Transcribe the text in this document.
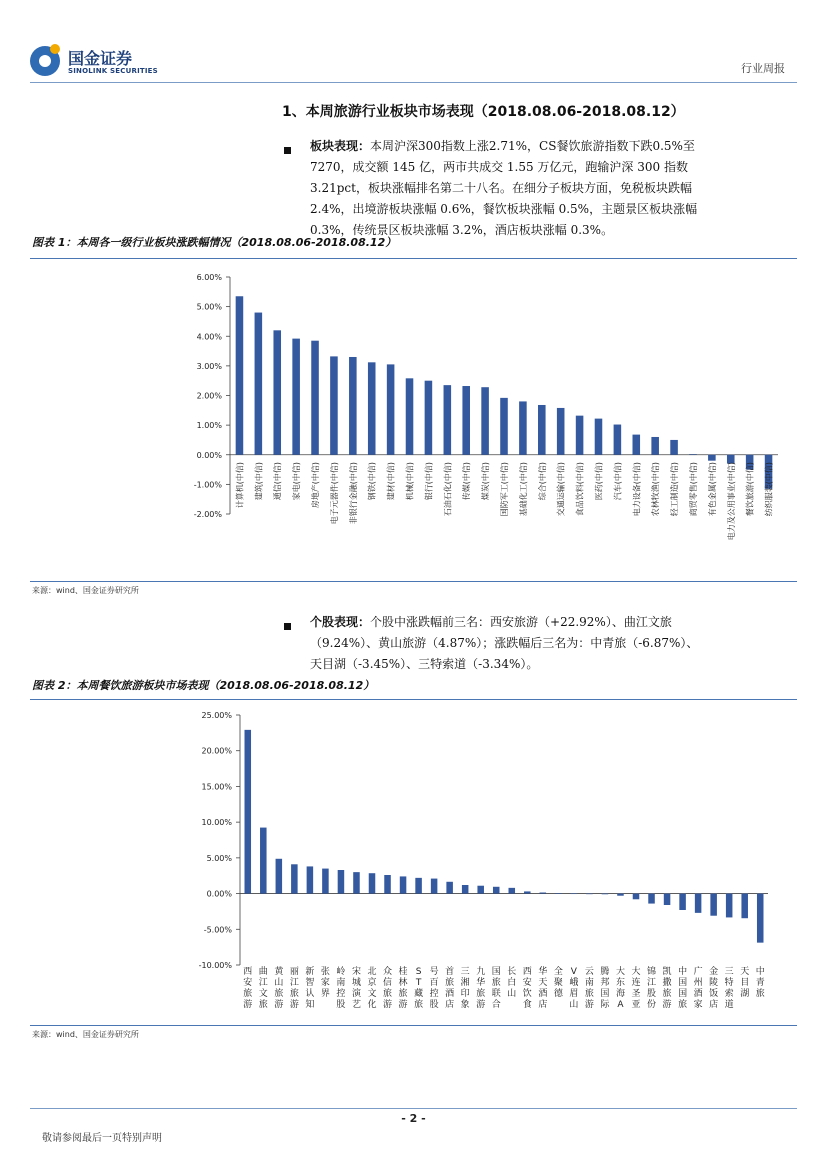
国金证券
SINOLINK SECURITIES	行业周报
1、本周旅游行业板块市场表现（2018.08.06-2018.08.12）
板块表现：本周沪深300指数上涨2.71%，CS餐饮旅游指数下跌0.5%至
7270，成交额 145 亿，两市共成交 1.55 万亿元，跑输沪深 300 指数
3.21pct，板块涨幅排名第二十八名。在细分子板块方面，免税板块跌幅
2.4%，出境游板块涨幅 0.6%，餐饮板块涨幅 0.5%，主题景区板块涨幅
0.3%，传统景区板块涨幅 3.2%，酒店板块涨幅 0.3%。
图表 1：本周各一级行业板块涨跌幅情况（2018.08.06-2018.08.12）
6.00%
5.00%
4.00%
3.00%
2.00%
1.00%
0.00%
-1.00%
-2.00%
计算机(中信) 建筑(中信) 通信(中信) 家电(中信) 房地产(中信) 电子元器件(中信) 非银行金融(中信) 钢铁(中信) 建材(中信) 机械(中信) 银行(中信) 石油石化(中信) 传媒(中信) 煤炭(中信) 国防军工(中信) 基础化工(中信) 综合(中信) 交通运输(中信) 食品饮料(中信) 医药(中信) 汽车(中信) 电力设备(中信) 农林牧渔(中信) 轻工制造(中信) 商贸零售(中信) 有色金属(中信) 电力及公用事业(中信) 餐饮旅游(中信) 纺织服装(中信)
来源：wind、国金证券研究所
个股表现：个股中涨跌幅前三名：西安旅游（+22.92%）、曲江文旅
（9.24%）、黄山旅游（4.87%）；涨跌幅后三名为：中青旅（-6.87%）、
天目湖（-3.45%）、三特索道（-3.34%）。
图表 2：本周餐饮旅游板块市场表现（2018.08.06-2018.08.12）
25.00%
20.00%
15.00%
10.00%
5.00%
0.00%
-5.00%
-10.00%
西安旅游
曲江文旅
黄山旅游
丽江旅游
新智认知
张家界
岭南控股
宋城演艺
北京文化
众信旅游
桂林旅游
S T 藏旅
号百控股
首旅酒店
三湘印象
九华旅游
国旅联合
长白山
西安饮食
华天酒店
全聚德
V 峨眉山
云南旅游
腾邦国际
大东海 A
大连圣亚
锦江股份
凯撒旅游
中国国旅
广州酒家
金陵饭店
三特索道
天目湖
中青旅
来源：wind、国金证券研究所
- 2 -
敬请参阅最后一页特别声明
